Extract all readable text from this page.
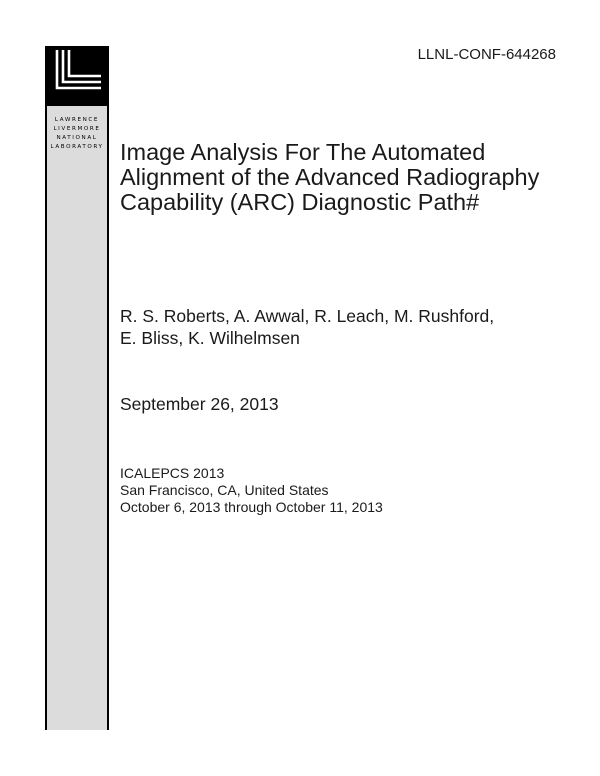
LAWRENCE
LIVERMORE
NATIONAL
LABORATORY
LLNL-CONF-644268
Image Analysis For The Automated
Alignment of the Advanced Radiography
Capability (ARC) Diagnostic Path#
R. S. Roberts, A. Awwal, R. Leach, M. Rushford,
E. Bliss, K. Wilhelmsen
September 26, 2013
ICALEPCS 2013
San Francisco, CA, United States
October 6, 2013 through October 11, 2013
